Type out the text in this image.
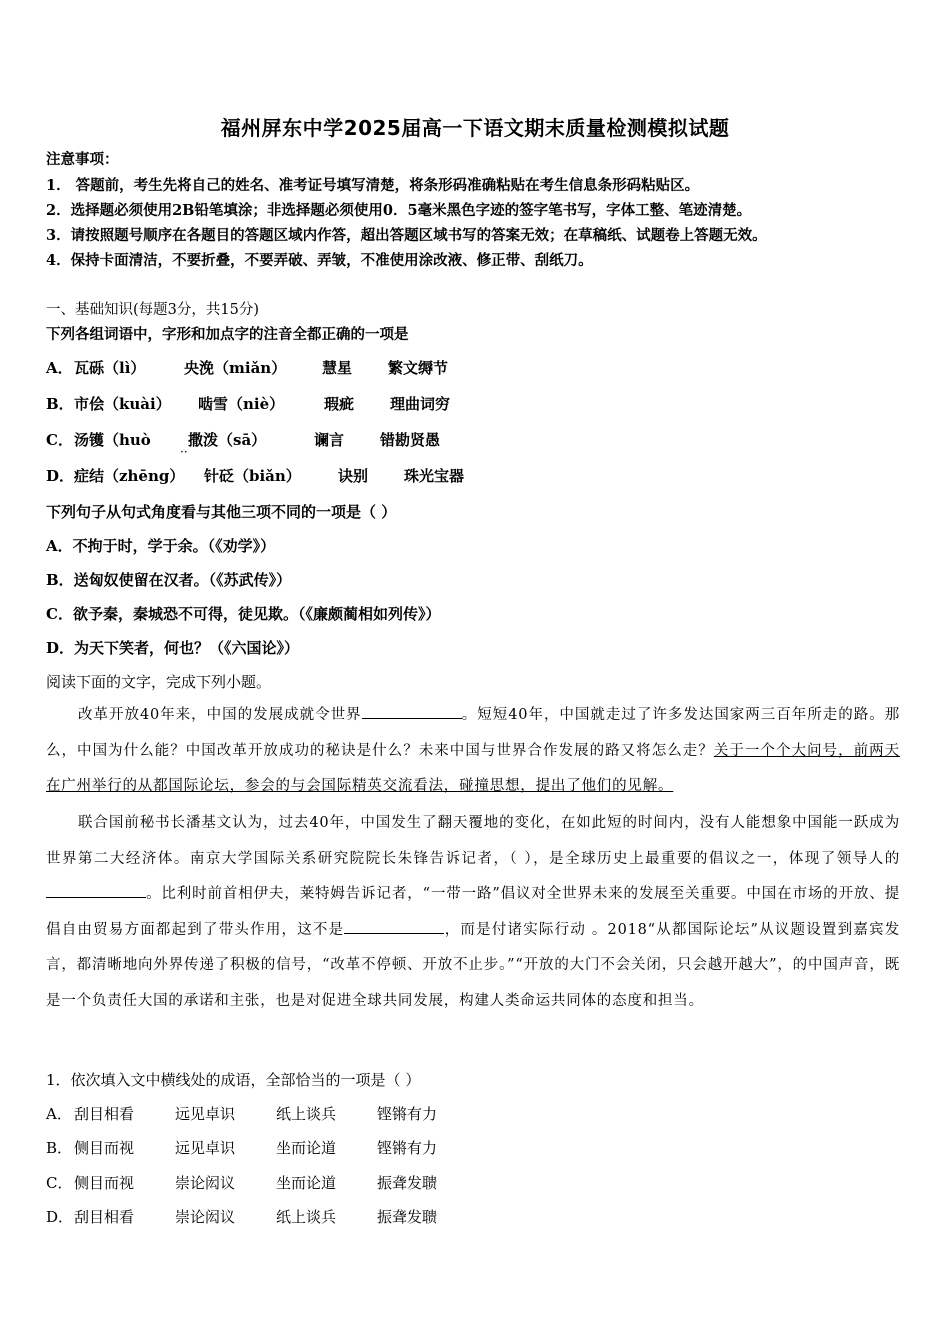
福州屏东中学2025届高一下语文期末质量检测模拟试题
注意事项：
1． 答题前，考生先将自己的姓名、准考证号填写清楚，将条形码准确粘贴在考生信息条形码粘贴区。
2．选择题必须使用2B铅笔填涂；非选择题必须使用0．5毫米黑色字迹的签字笔书写，字体工整、笔迹清楚。
3．请按照题号顺序在各题目的答题区域内作答，超出答题区域书写的答案无效；在草稿纸、试题卷上答题无效。
4．保持卡面清洁，不要折叠，不要弄破、弄皱，不准使用涂改液、修正带、刮纸刀。
一、基础知识(每题3分，共15分)
下列各组词语中，字形和加点字的注音全都正确的一项是
A． 瓦砾（lì）	央浼（miǎn） 慧星 繁文缛节
B． 市侩（kuài） 啮雪（niè）	瑕疵 理曲词穷
C． 汤镬（huò 撒泼（sā）	谰言 错勘贤愚
··
D． 症结（zhēng） 针砭（biǎn） 诀别 珠光宝器
下列句子从句式角度看与其他三项不同的一项是（ ）
A．不拘于时，学于余。（《劝学》）
B．送匈奴使留在汉者。（《苏武传》）
C．欲予秦，秦城恐不可得，徒见欺。（《廉颇蔺相如列传》）
D．为天下笑者，何也？（《六国论》）
阅读下面的文字，完成下列小题。
改革开放40年来，中国的发展成就令世界	。短短40年，中国就走过了许多发达国家两三百年所走的路。那么，中国为什么能？中国改革开放成功的秘诀是什么？未来中国与世界合作发展的路又将怎么走？关于一个个大问号，前两天在广州举行的从都国际论坛，参会的与会国际精英交流看法，碰撞思想，提出了他们的见解。
联合国前秘书长潘基文认为，过去40年，中国发生了翻天覆地的变化，在如此短的时间内，没有人能想象中国能一跃成为世界第二大经济体。南京大学国际关系研究院院长朱锋告诉记者，（ ），是全球历史上最重要的倡议之一，体现了领导人的。比利时前首相伊夫，莱特姆告诉记者，“一带一路”倡议对全世界未来的发展至关重要。中国在市场的开放、提倡自由贸易方面都起到了带头作用，这不是	，而是付诸实际行动 。2018“从都国际论坛”从议题设置到嘉宾发言，都清晰地向外界传递了积极的信号，“改革不停顿、开放不止步。”“开放的大门不会关闭，只会越开越大”，的中国声音，既是一个负责任大国的承诺和主张，也是对促进全球共同发展，构建人类命运共同体的态度和担当。
1．依次填入文中横线处的成语，全部恰当的一项是（ ）
A． 刮目相看	远见卓识	纸上谈兵	铿锵有力
B． 侧目而视	远见卓识	坐而论道	铿锵有力
C． 侧目而视	崇论闳议	坐而论道	振聋发聩
D． 刮目相看	崇论闳议	纸上谈兵	振聋发聩
